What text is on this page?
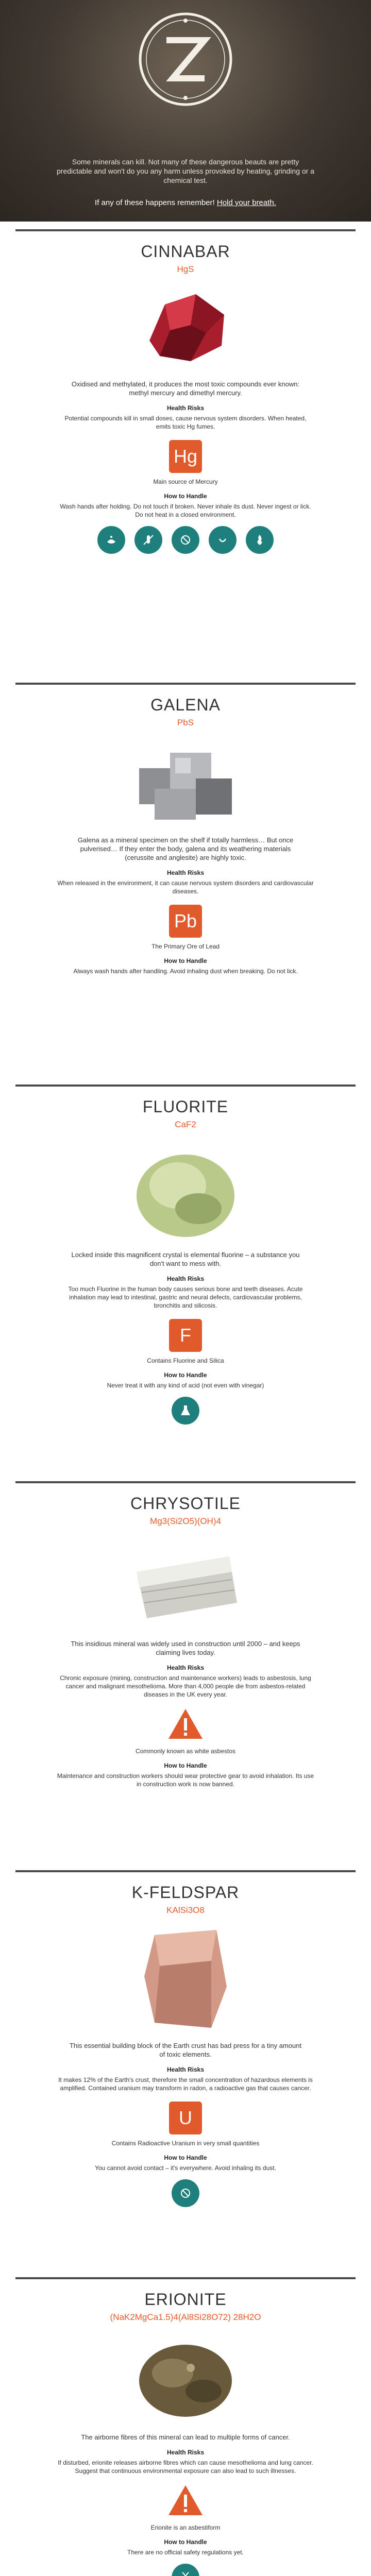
Some minerals can kill. Not many of these dangerous beauts are pretty predictable and won't do you any harm unless provoked by heating, grinding or a chemical test.

If any of these happens remember! Hold your breath.

CINNABAR
HgS

Oxidised and methylated, it produces the most toxic compounds ever known: methyl mercury and dimethyl mercury.

Health Risks

Potential compounds kill in small doses, cause nervous system disorders. When heated, emits toxic Hg fumes.

Hg
Main source of Mercury
How to Handle

Wash hands after holding. Do not touch if broken. Never inhale its dust. Never ingest or lick. Do not heat in a closed environment.

GALENA
PbS

Galena as a mineral specimen on the shelf if totally harmless… But once pulverised… If they enter the body, galena and its weathering materials (cerussite and anglesite) are highly toxic.

Health Risks

When released in the environment, it can cause nervous system disorders and cardiovascular diseases.

Pb
The Primary Ore of Lead
How to Handle

Always wash hands after handling. Avoid inhaling dust when breaking. Do not lick.

FLUORITE
CaF2

Locked inside this magnificent crystal is elemental fluorine – a substance you don't want to mess with.

Health Risks

Too much Fluorine in the human body causes serious bone and teeth diseases. Acute inhalation may lead to intestinal, gastric and neural defects, cardiovascular problems, bronchitis and silicosis.

F
Contains Fluorine and Silica
How to Handle

Never treat it with any kind of acid (not even with vinegar)

CHRYSOTILE
Mg3(Si2O5)(OH)4

This insidious mineral was widely used in construction until 2000 – and keeps claiming lives today.

Health Risks

Chronic exposure (mining, construction and maintenance workers) leads to asbestosis, lung cancer and malignant mesothelioma. More than 4,000 people die from asbestos-related diseases in the UK every year.

Commonly known as white asbestos
How to Handle

Maintenance and construction workers should wear protective gear to avoid inhalation. Its use in construction work is now banned.

K-FELDSPAR
KAlSi3O8

This essential building block of the Earth crust has bad press for a tiny amount of toxic elements.

Health Risks

It makes 12% of the Earth's crust, therefore the small concentration of hazardous elements is amplified. Contained uranium may transform in radon, a radioactive gas that causes cancer.

U
Contains Radioactive Uranium in very small quantities
How to Handle

You cannot avoid contact – it's everywhere. Avoid inhaling its dust.

ERIONITE
(NaK2MgCa1.5)4(Al8Si28O72) 28H2O

The airborne fibres of this mineral can lead to multiple forms of cancer.

Health Risks

If disturbed, erionite releases airborne fibres which can cause mesothelioma and lung cancer. Suggest that continuous environmental exposure can also lead to such illnesses.

Erionite is an asbestiform
How to Handle

There are no official safety regulations yet.
